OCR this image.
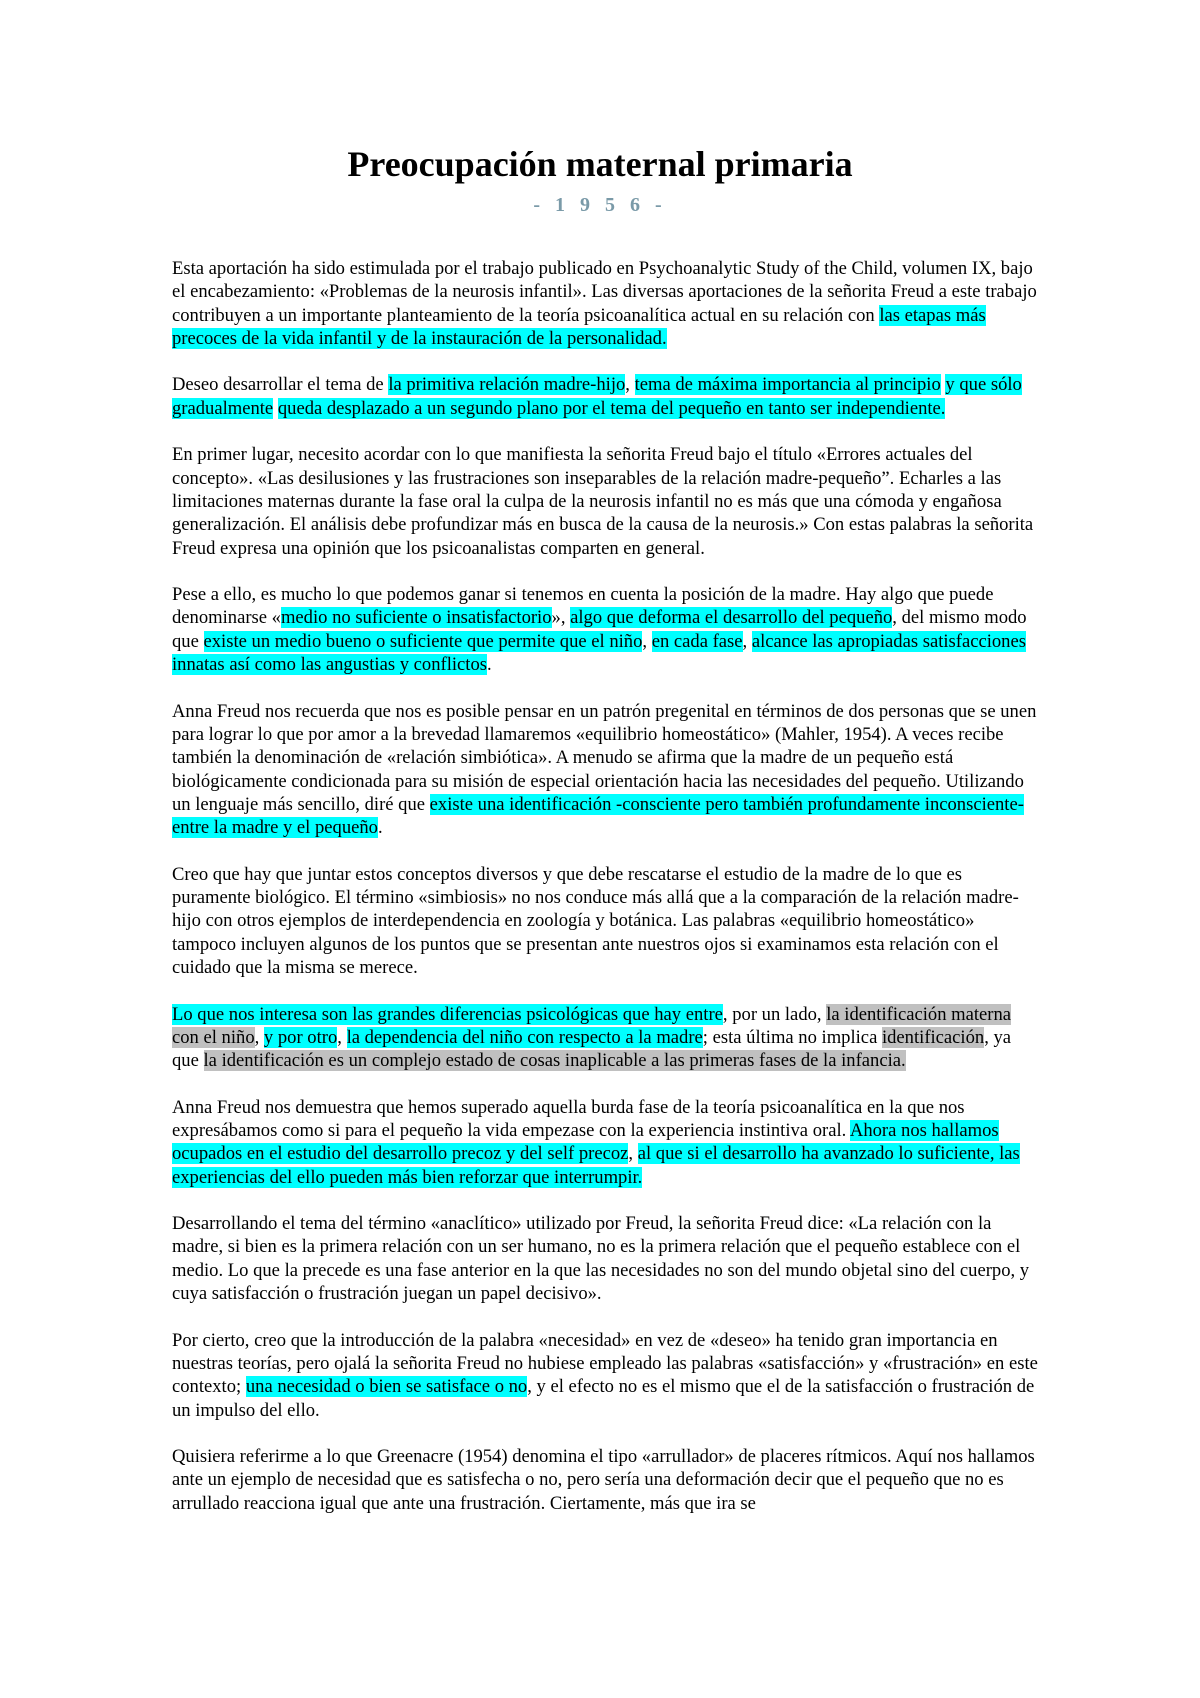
Preocupación maternal primaria
- 1 9 5 6 -

Esta aportación ha sido estimulada por el trabajo publicado en Psychoanalytic Study of the Child, volumen IX, bajo el encabezamiento: «Problemas de la neurosis infantil». Las diversas aportaciones de la señorita Freud a este trabajo contribuyen a un importante planteamiento de la teoría psicoanalítica actual en su relación con las etapas más precoces de la vida infantil y de la instauración de la personalidad.

Deseo desarrollar el tema de la primitiva relación madre-hijo, tema de máxima importancia al principio y que sólo gradualmente queda desplazado a un segundo plano por el tema del pequeño en tanto ser independiente.

En primer lugar, necesito acordar con lo que manifiesta la señorita Freud bajo el título «Errores actuales del concepto». «Las desilusiones y las frustraciones son inseparables de la relación madre-pequeño”. Echarles a las limitaciones maternas durante la fase oral la culpa de la neurosis infantil no es más que una cómoda y engañosa generalización. El análisis debe profundizar más en busca de la causa de la neurosis.» Con estas palabras la señorita Freud expresa una opinión que los psicoanalistas comparten en general.

Pese a ello, es mucho lo que podemos ganar si tenemos en cuenta la posición de la madre. Hay algo que puede denominarse «medio no suficiente o insatisfactorio», algo que deforma el desarrollo del pequeño, del mismo modo que existe un medio bueno o suficiente que permite que el niño, en cada fase, alcance las apropiadas satisfacciones innatas así como las angustias y conflictos.

Anna Freud nos recuerda que nos es posible pensar en un patrón pregenital en términos de dos personas que se unen para lograr lo que por amor a la brevedad llamaremos «equilibrio homeostático» (Mahler, 1954). A veces recibe también la denominación de «relación simbiótica». A menudo se afirma que la madre de un pequeño está biológicamente condicionada para su misión de especial orientación hacia las necesidades del pequeño. Utilizando un lenguaje más sencillo, diré que existe una identificación -consciente pero también profundamente inconsciente- entre la madre y el pequeño.

Creo que hay que juntar estos conceptos diversos y que debe rescatarse el estudio de la madre de lo que es puramente biológico. El término «simbiosis» no nos conduce más allá que a la comparación de la relación madre-hijo con otros ejemplos de interdependencia en zoología y botánica. Las palabras «equilibrio homeostático» tampoco incluyen algunos de los puntos que se presentan ante nuestros ojos si examinamos esta relación con el cuidado que la misma se merece.

Lo que nos interesa son las grandes diferencias psicológicas que hay entre, por un lado, la identificación materna con el niño, y por otro, la dependencia del niño con respecto a la madre; esta última no implica identificación, ya que la identificación es un complejo estado de cosas inaplicable a las primeras fases de la infancia.

Anna Freud nos demuestra que hemos superado aquella burda fase de la teoría psicoanalítica en la que nos expresábamos como si para el pequeño la vida empezase con la experiencia instintiva oral. Ahora nos hallamos ocupados en el estudio del desarrollo precoz y del self precoz, al que si el desarrollo ha avanzado lo suficiente, las experiencias del ello pueden más bien reforzar que interrumpir.

Desarrollando el tema del término «anaclítico» utilizado por Freud, la señorita Freud dice: «La relación con la madre, si bien es la primera relación con un ser humano, no es la primera relación que el pequeño establece con el medio. Lo que la precede es una fase anterior en la que las necesidades no son del mundo objetal sino del cuerpo, y cuya satisfacción o frustración juegan un papel decisivo».

Por cierto, creo que la introducción de la palabra «necesidad» en vez de «deseo» ha tenido gran importancia en nuestras teorías, pero ojalá la señorita Freud no hubiese empleado las palabras «satisfacción» y «frustración» en este contexto; una necesidad o bien se satisface o no, y el efecto no es el mismo que el de la satisfacción o frustración de un impulso del ello.

Quisiera referirme a lo que Greenacre (1954) denomina el tipo «arrullador» de placeres rítmicos. Aquí nos hallamos ante un ejemplo de necesidad que es satisfecha o no, pero sería una deformación decir que el pequeño que no es arrullado reacciona igual que ante una frustración. Ciertamente, más que ira se
